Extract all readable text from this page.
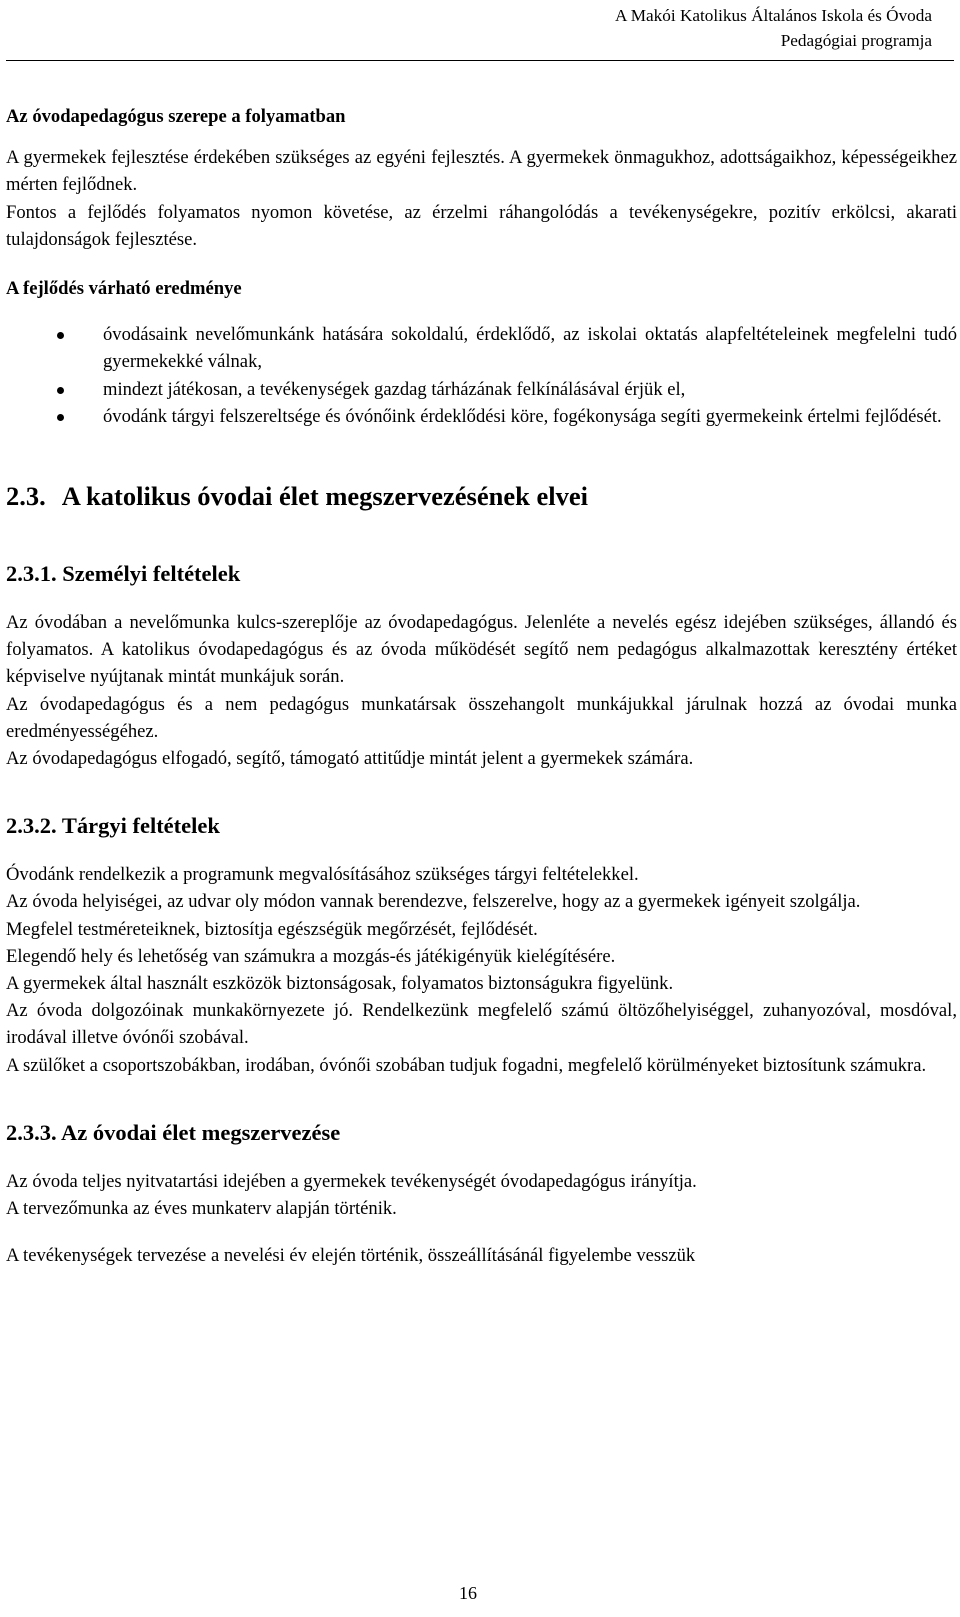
A Makói Katolikus Általános Iskola és Óvoda
Pedagógiai programja

Az óvodapedagógus szerepe a folyamatban

A gyermekek fejlesztése érdekében szükséges az egyéni fejlesztés. A gyermekek önmagukhoz, adottságaikhoz, képességeikhez mérten fejlődnek.

Fontos a fejlődés folyamatos nyomon követése, az érzelmi ráhangolódás a tevékenységekre, pozitív erkölcsi, akarati tulajdonságok fejlesztése.

A fejlődés várható eredménye

óvodásaink nevelőmunkánk hatására sokoldalú, érdeklődő, az iskolai oktatás alapfeltételeinek megfelelni tudó gyermekekké válnak,
mindezt játékosan, a tevékenységek gazdag tárházának felkínálásával érjük el,
óvodánk tárgyi felszereltsége és óvónőink érdeklődési köre, fogékonysága segíti gyermekeink értelmi fejlődését.
2.3. A katolikus óvodai élet megszervezésének elvei
2.3.1. Személyi feltételek

Az óvodában a nevelőmunka kulcs-szereplője az óvodapedagógus. Jelenléte a nevelés egész idejében szükséges, állandó és folyamatos. A katolikus óvodapedagógus és az óvoda működését segítő nem pedagógus alkalmazottak keresztény értéket képviselve nyújtanak mintát munkájuk során.

Az óvodapedagógus és a nem pedagógus munkatársak összehangolt munkájukkal járulnak hozzá az óvodai munka eredményességéhez.

Az óvodapedagógus elfogadó, segítő, támogató attitűdje mintát jelent a gyermekek számára.

2.3.2. Tárgyi feltételek

Óvodánk rendelkezik a programunk megvalósításához szükséges tárgyi feltételekkel.

Az óvoda helyiségei, az udvar oly módon vannak berendezve, felszerelve, hogy az a gyermekek igényeit szolgálja.

Megfelel testméreteiknek, biztosítja egészségük megőrzését, fejlődését.

Elegendő hely és lehetőség van számukra a mozgás-és játékigényük kielégítésére.

A gyermekek által használt eszközök biztonságosak, folyamatos biztonságukra figyelünk.

Az óvoda dolgozóinak munkakörnyezete jó. Rendelkezünk megfelelő számú öltözőhelyiséggel, zuhanyozóval, mosdóval, irodával illetve óvónői szobával.

A szülőket a csoportszobákban, irodában, óvónői szobában tudjuk fogadni, megfelelő körülményeket biztosítunk számukra.

2.3.3. Az óvodai élet megszervezése

Az óvoda teljes nyitvatartási idejében a gyermekek tevékenységét óvodapedagógus irányítja.

A tervezőmunka az éves munkaterv alapján történik.

A tevékenységek tervezése a nevelési év elején történik, összeállításánál figyelembe vesszük

16
